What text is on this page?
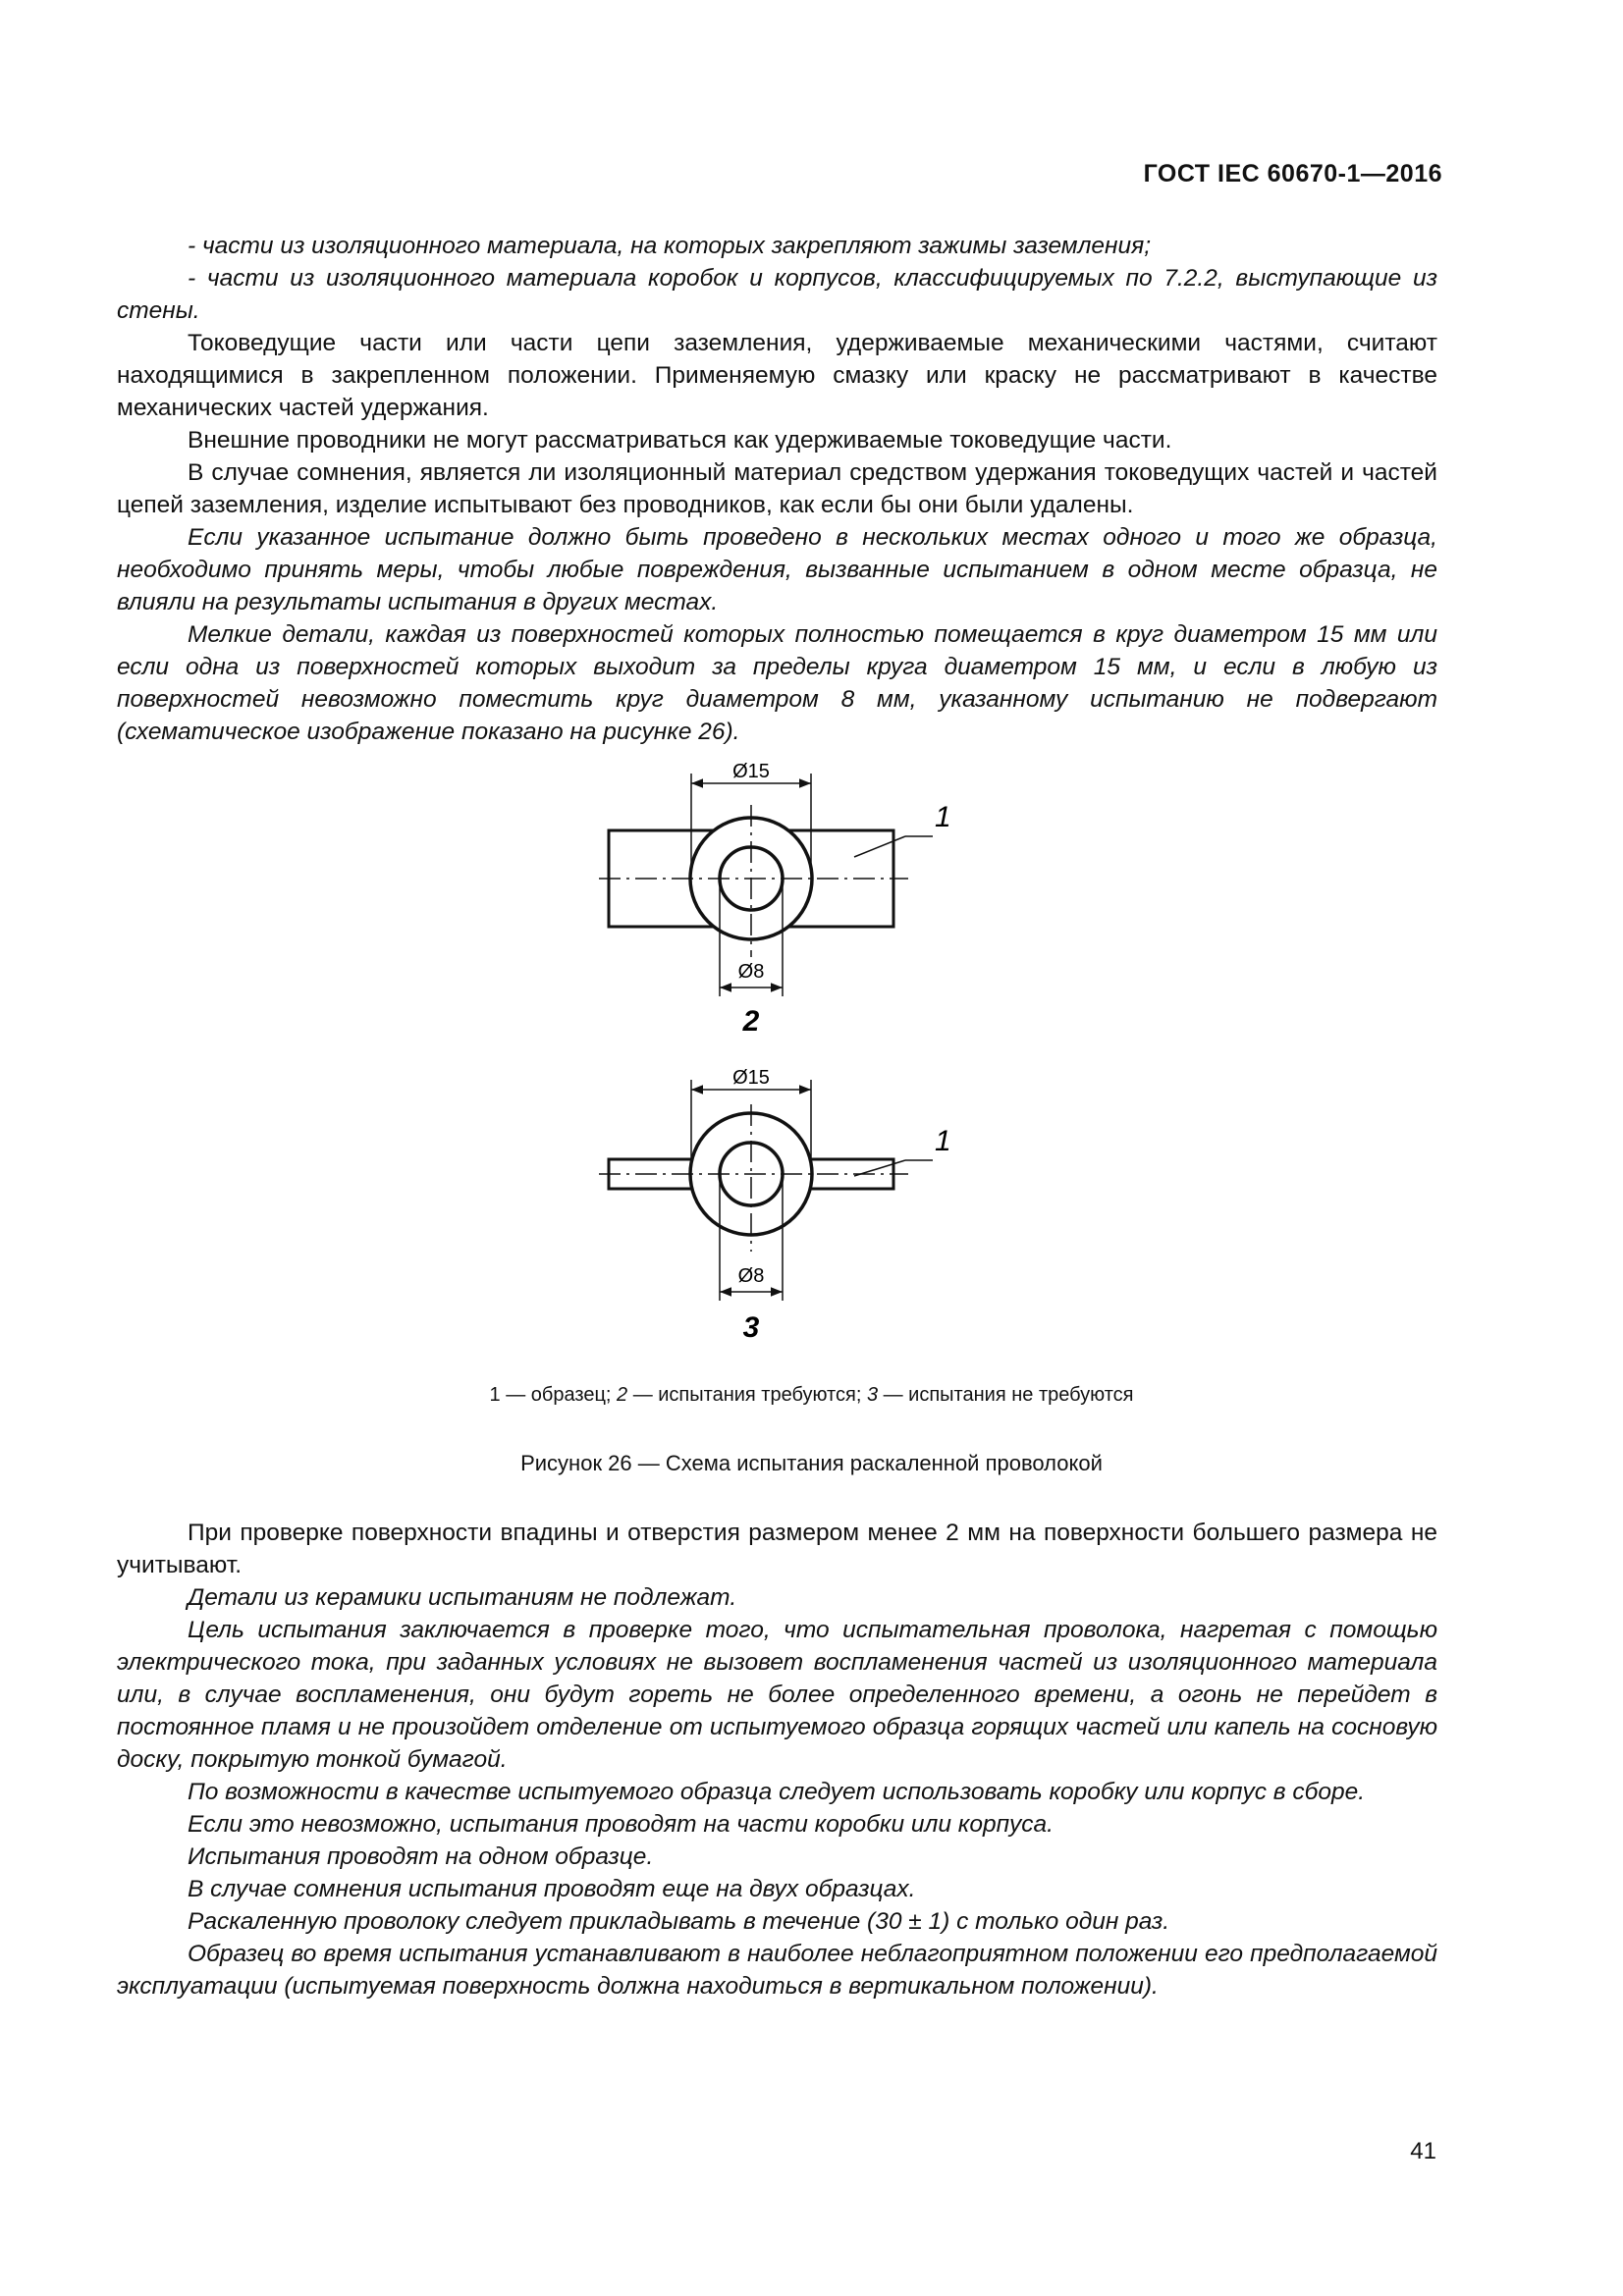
ГОСТ IEC 60670-1—2016

- части из изоляционного материала, на которых закрепляют зажимы заземления;

- части из изоляционного материала коробок и корпусов, классифицируемых по 7.2.2, выступающие из стены.

Токоведущие части или части цепи заземления, удерживаемые механическими частями, считают находящимися в закрепленном положении. Применяемую смазку или краску не рассматривают в качестве механических частей удержания.

Внешние проводники не могут рассматриваться как удерживаемые токоведущие части.

В случае сомнения, является ли изоляционный материал средством удержания токоведущих частей и частей цепей заземления, изделие испытывают без проводников, как если бы они были удалены.

Если указанное испытание должно быть проведено в нескольких местах одного и того же образца, необходимо принять меры, чтобы любые повреждения, вызванные испытанием в одном месте образца, не влияли на результаты испытания в других местах.

Мелкие детали, каждая из поверхностей которых полностью помещается в круг диаметром 15 мм или если одна из поверхностей которых выходит за пределы круга диаметром 15 мм, и если в любую из поверхностей невозможно поместить круг диаметром 8 мм, указанному испытанию не подвергают (схематическое изображение показано на рисунке 26).

Ø15
Ø8
1
2
Ø15
Ø8
1
3
1 — образец; 2 — испытания требуются; 3 — испытания не требуются
Рисунок 26 — Схема испытания раскаленной проволокой

При проверке поверхности впадины и отверстия размером менее 2 мм на поверхности большего размера не учитывают.

Детали из керамики испытаниям не подлежат.

Цель испытания заключается в проверке того, что испытательная проволока, нагретая с помощью электрического тока, при заданных условиях не вызовет воспламенения частей из изоляционного материала или, в случае воспламенения, они будут гореть не более определенного времени, а огонь не перейдет в постоянное пламя и не произойдет отделение от испытуемого образца горящих частей или капель на сосновую доску, покрытую тонкой бумагой.

По возможности в качестве испытуемого образца следует использовать коробку или корпус в сборе.

Если это невозможно, испытания проводят на части коробки или корпуса.

Испытания проводят на одном образце.

В случае сомнения испытания проводят еще на двух образцах.

Раскаленную проволоку следует прикладывать в течение (30 ± 1) с только один раз.

Образец во время испытания устанавливают в наиболее неблагоприятном положении его предполагаемой эксплуатации (испытуемая поверхность должна находиться в вертикальном положении).

41
